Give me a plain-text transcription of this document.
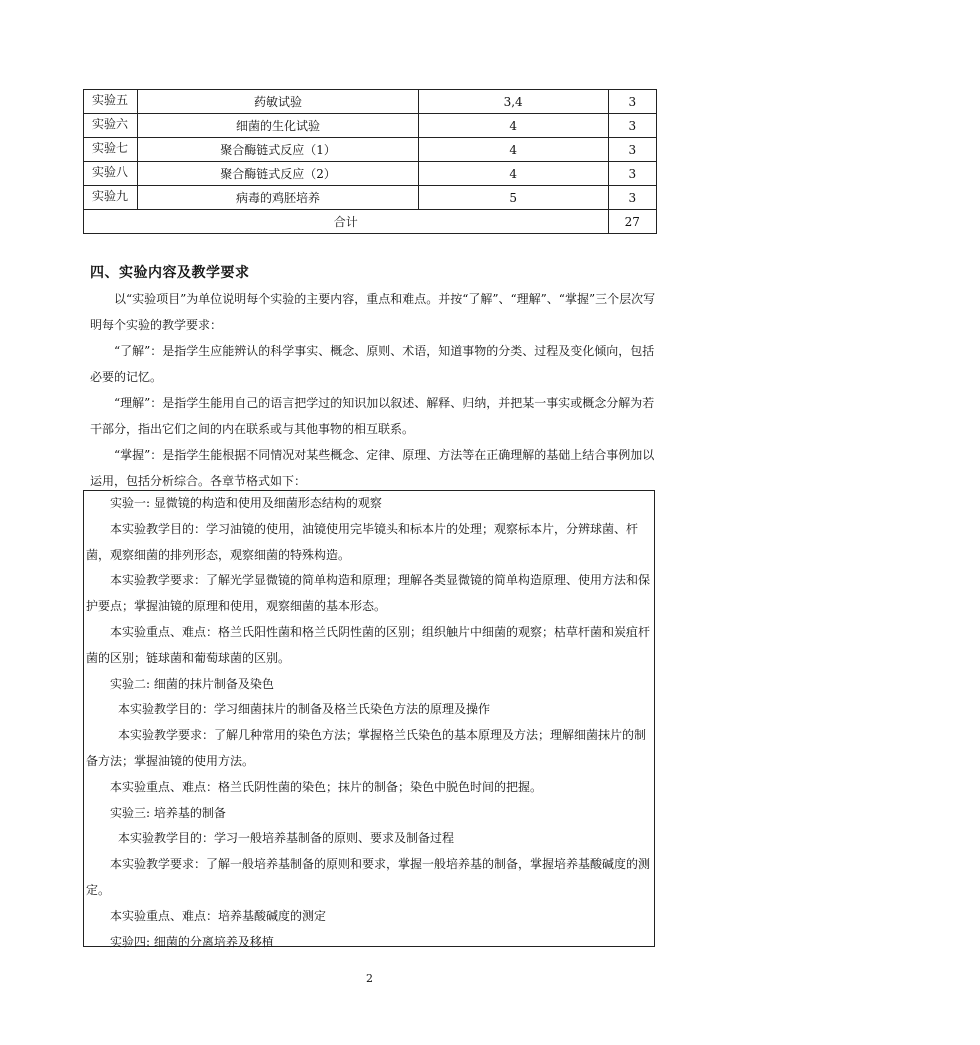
实验五	药敏试验	3,4	3
实验六	细菌的生化试验	4	3
实验七	聚合酶链式反应（1）	4	3
实验八	聚合酶链式反应（2）	4	3
实验九	病毒的鸡胚培养	5	3
合计			27
四、实验内容及教学要求

以“实验项目”为单位说明每个实验的主要内容，重点和难点。并按“了解”、“理解”、“掌握”三个层次写明每个实验的教学要求：

“了解”：是指学生应能辨认的科学事实、概念、原则、术语，知道事物的分类、过程及变化倾向，包括必要的记忆。

“理解”：是指学生能用自己的语言把学过的知识加以叙述、解释、归纳，并把某一事实或概念分解为若干部分，指出它们之间的内在联系或与其他事物的相互联系。

“掌握”：是指学生能根据不同情况对某些概念、定律、原理、方法等在正确理解的基础上结合事例加以运用，包括分析综合。各章节格式如下：

实验一: 显微镜的构造和使用及细菌形态结构的观察

本实验教学目的：学习油镜的使用，油镜使用完毕镜头和标本片的处理；观察标本片，分辨球菌、杆菌，观察细菌的排列形态，观察细菌的特殊构造。

本实验教学要求：了解光学显微镜的简单构造和原理；理解各类显微镜的简单构造原理、使用方法和保护要点；掌握油镜的原理和使用，观察细菌的基本形态。

本实验重点、难点：格兰氏阳性菌和格兰氏阴性菌的区别；组织触片中细菌的观察；枯草杆菌和炭疽杆菌的区别；链球菌和葡萄球菌的区别。

实验二: 细菌的抹片制备及染色

本实验教学目的：学习细菌抹片的制备及格兰氏染色方法的原理及操作

本实验教学要求：了解几种常用的染色方法；掌握格兰氏染色的基本原理及方法；理解细菌抹片的制备方法；掌握油镜的使用方法。

本实验重点、难点：格兰氏阴性菌的染色；抹片的制备；染色中脱色时间的把握。

实验三: 培养基的制备

本实验教学目的：学习一般培养基制备的原则、要求及制备过程

本实验教学要求：了解一般培养基制备的原则和要求，掌握一般培养基的制备，掌握培养基酸碱度的测定。

本实验重点、难点：培养基酸碱度的测定

实验四: 细菌的分离培养及移植

2
